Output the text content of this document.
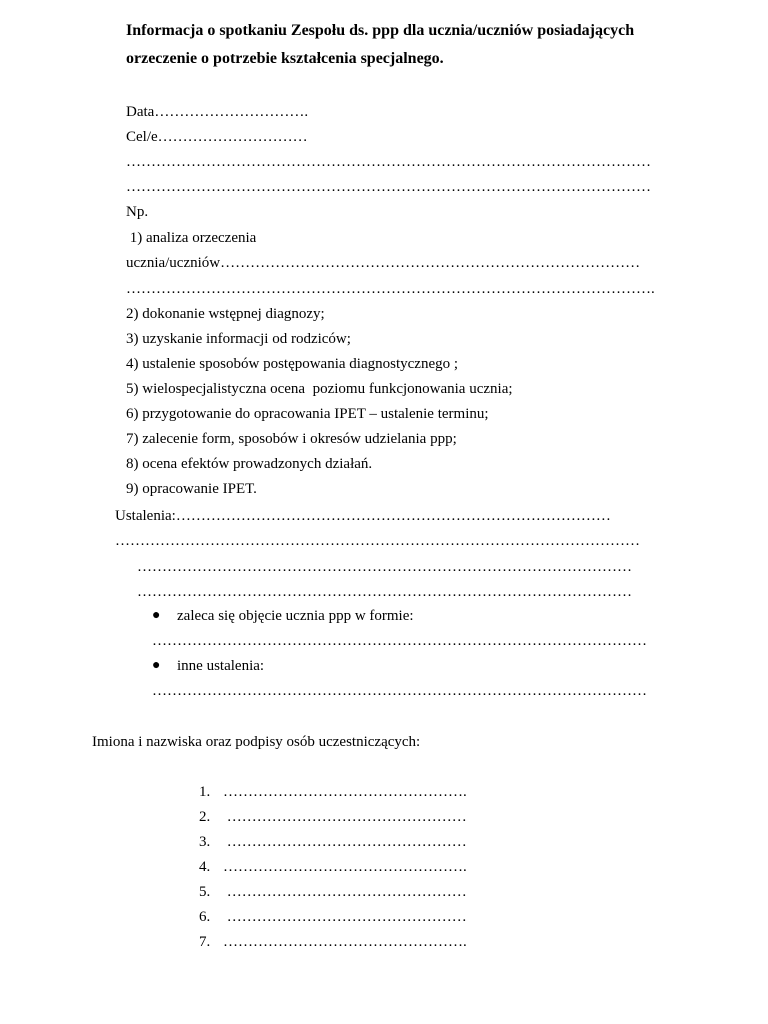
Informacja o spotkaniu Zespołu ds. ppp dla ucznia/uczniów posiadających
orzeczenie o potrzebie kształcenia specjalnego.
Data………………………….
Cel/e…………………………
……………………………………………………………………………………………
……………………………………………………………………………………………
Np.
1) analiza orzeczenia
ucznia/uczniów…………………………………………………………………………
…………………………………………………………………………………………….
2) dokonanie wstępnej diagnozy;
3) uzyskanie informacji od rodziców;
4) ustalenie sposobów postępowania diagnostycznego ;
5) wielospecjalistyczna ocena  poziomu funkcjonowania ucznia;
6) przygotowanie do opracowania IPET – ustalenie terminu;
7) zalecenie form, sposobów i okresów udzielania ppp;
8) ocena efektów prowadzonych działań.
9) opracowanie IPET.
Ustalenia:……………………………………………………………………………
……………………………………………………………………………………………
………………………………………………………………………………………
………………………………………………………………………………………
● zaleca się objęcie ucznia ppp w formie:
………………………………………………………………………………………
● inne ustalenia:
………………………………………………………………………………………
Imiona i nazwiska oraz podpisy osób uczestniczących:
1. ………………………………………….
2. …………………………………………
3. …………………………………………
4. ………………………………………….
5. …………………………………………
6. …………………………………………
7. ………………………………………….
